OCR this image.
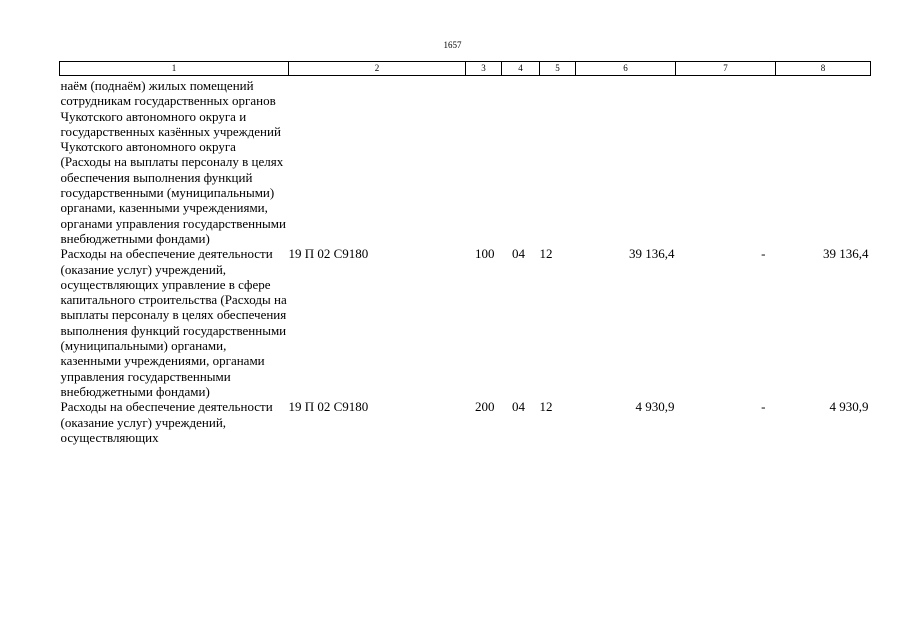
1657
1	2	3	4	5	6	7	8
наём (поднаём) жилых помещений сотрудникам государственных органов Чукотского автономного округа и государственных казённых учреждений Чукотского автономного округа (Расходы на выплаты персоналу в целях обеспечения выполнения функций государственными (муниципальными) органами, казенными учреждениями, органами управления государственными внебюджетными фондами)							
Расходы на обеспечение деятельности (оказание услуг) учреждений, осуществляющих управление в сфере капитального строительства (Расходы на выплаты персоналу в целях обеспечения выполнения функций государственными (муниципальными) органами, казенными учреждениями, органами управления государственными внебюджетными фондами)	19 П 02 С9180	100	04	12	39 136,4	-	39 136,4
Расходы на обеспечение деятельности (оказание услуг) учреждений, осуществляющих	19 П 02 С9180	200	04	12	4 930,9	-	4 930,9
